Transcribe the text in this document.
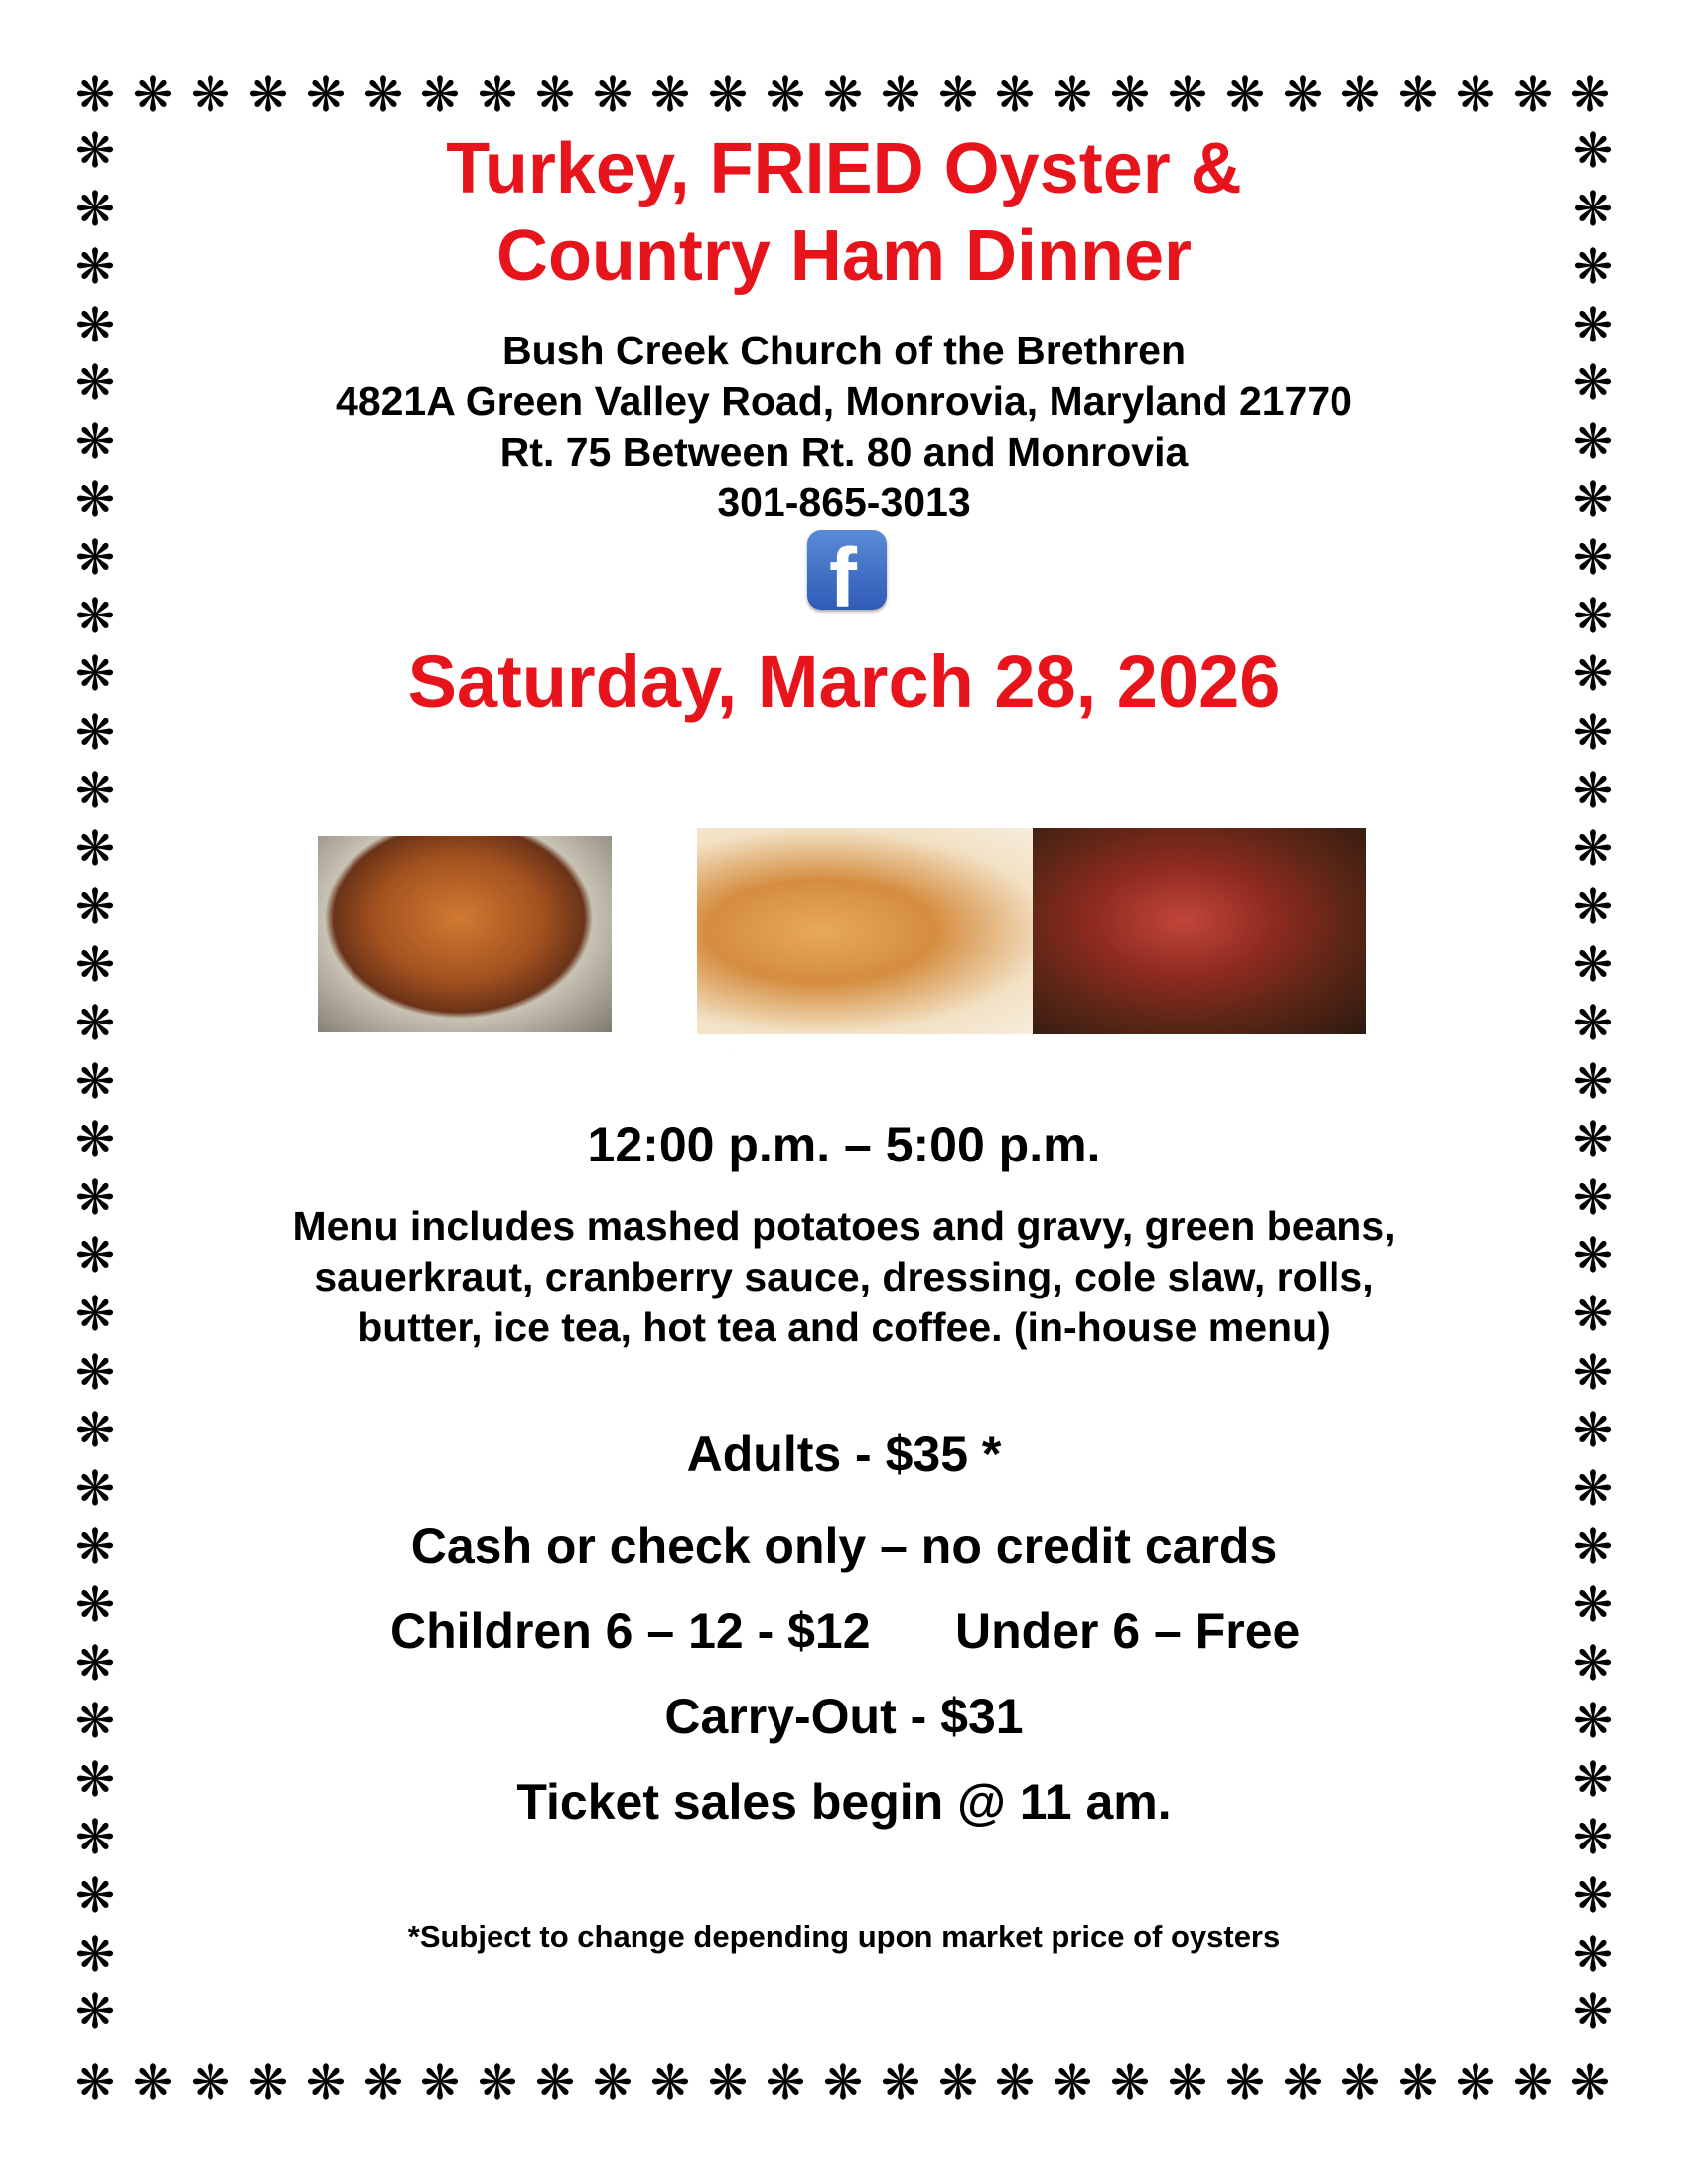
❋ ❋ ❋ ❋ ❋ ❋ ❋ ❋ ❋ ❋ ❋ ❋ ❋ ❋ ❋ ❋ ❋ ❋ ❋ ❋ ❋ ❋ ❋ ❋ ❋ ❋ ❋
❋ ❋ ❋ ❋ ❋ ❋ ❋ ❋ ❋ ❋ ❋ ❋ ❋ ❋ ❋ ❋ ❋ ❋ ❋ ❋ ❋ ❋ ❋ ❋ ❋ ❋ ❋
❋
❋
❋
❋
❋
❋
❋
❋
❋
❋
❋
❋
❋
❋
❋
❋
❋
❋
❋
❋
❋
❋
❋
❋
❋
❋
❋
❋
❋
❋
❋
❋
❋
❋
❋
❋
❋
❋
❋
❋
❋
❋
❋
❋
❋
❋
❋
❋
❋
❋
❋
❋
❋
❋
❋
❋
❋
❋
❋
❋
❋
❋
❋
❋
❋
❋
Turkey, FRIED Oyster &
Country Ham Dinner
Bush Creek Church of the Brethren
4821A Green Valley Road, Monrovia, Maryland 21770
Rt. 75 Between Rt. 80 and Monrovia
301-865-3013
f
Saturday, March 28, 2026
12:00 p.m. – 5:00 p.m.
Menu includes mashed potatoes and gravy, green beans,
sauerkraut, cranberry sauce, dressing, cole slaw, rolls,
butter, ice tea, hot tea and coffee. (in-house menu)
Adults - $35 *
Cash or check only – no credit cards
Children 6 – 12 - $12 Under 6 – Free
Carry-Out - $31
Ticket sales begin @ 11 am.
*Subject to change depending upon market price of oysters
